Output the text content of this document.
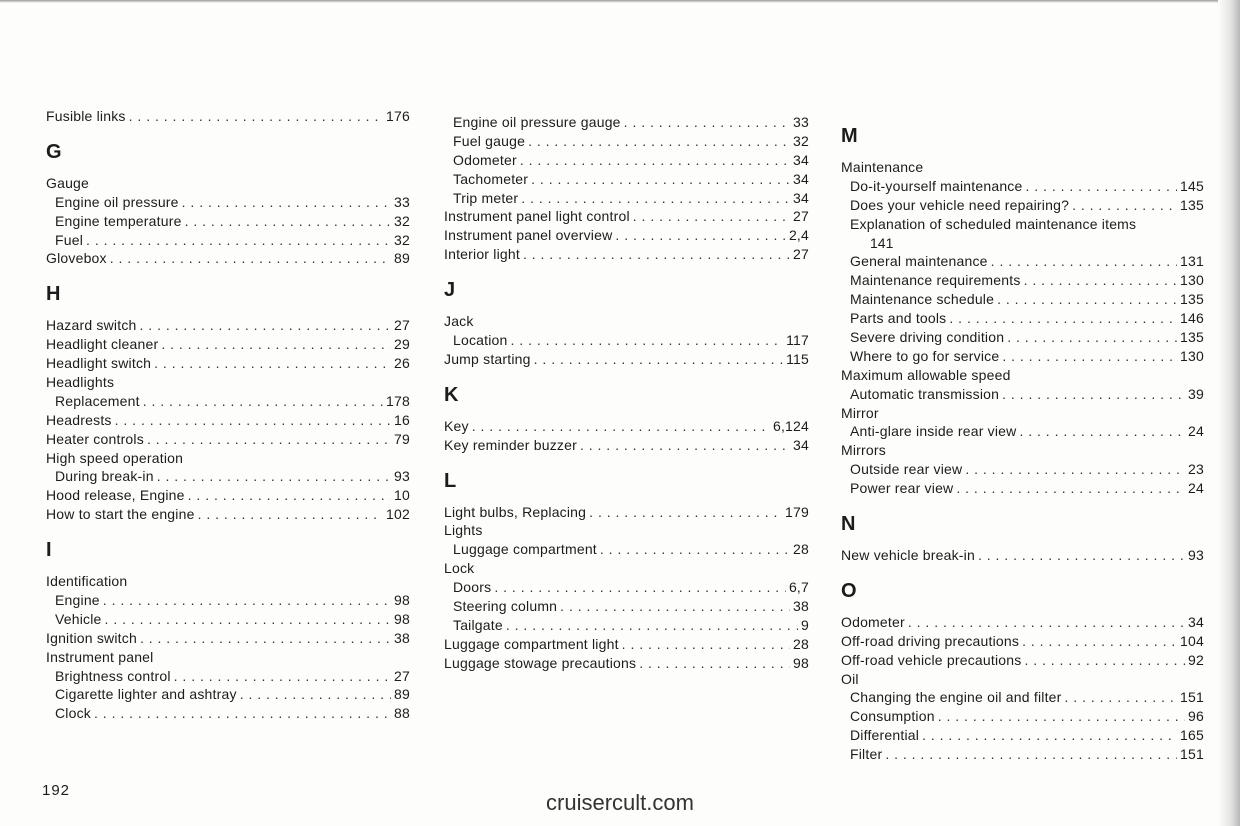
Fusible links . . .	176
G
Gauge
Engine oil pressure . . .	33
Engine temperature . . .	32
Fuel . . .	32
Glovebox . . .	89
H
Hazard switch . . .	27
Headlight cleaner . . .	29
Headlight switch . . .	26
Headlights
Replacement . . .	178
Headrests . . .	16
Heater controls . . .	79
High speed operation
During break-in . . .	93
Hood release, Engine . . .	10
How to start the engine . . .	102
I
Identification
Engine . . .	98
Vehicle . . .	98
Ignition switch . . .	38
Instrument panel
Brightness control . . .	27
Cigarette lighter and ashtray . . .	89
Clock . . .	88
Engine oil pressure gauge . . .	33
Fuel gauge . . .	32
Odometer . . .	34
Tachometer . . .	34
Trip meter . . .	34
Instrument panel light control . . .	27
Instrument panel overview . . .	2,4
Interior light . . .	27
J
Jack
Location . . .	117
Jump starting . . .	115
K
Key . . .	6,124
Key reminder buzzer . . .	34
L
Light bulbs, Replacing . . .	179
Lights
Luggage compartment . . .	28
Lock
Doors . . .	6,7
Steering column . . .	38
Tailgate . . .	9
Luggage compartment light . . .	28
Luggage stowage precautions . . .	98
M
Maintenance
Do-it-yourself maintenance . . .	145
Does your vehicle need repairing? . . .	135
Explanation of scheduled maintenance items
141
General maintenance . . .	131
Maintenance requirements . . .	130
Maintenance schedule . . .	135
Parts and tools . . .	146
Severe driving condition . . .	135
Where to go for service . . .	130
Maximum allowable speed
Automatic transmission . . .	39
Mirror
Anti-glare inside rear view . . .	24
Mirrors
Outside rear view . . .	23
Power rear view . . .	24
N
New vehicle break-in . . .	93
O
Odometer . . .	34
Off-road driving precautions . . .	104
Off-road vehicle precautions . . .	92
Oil
Changing the engine oil and filter . . .	151
Consumption . . .	96
Differential . . .	165
Filter . . .	151
192	cruisercult.com
